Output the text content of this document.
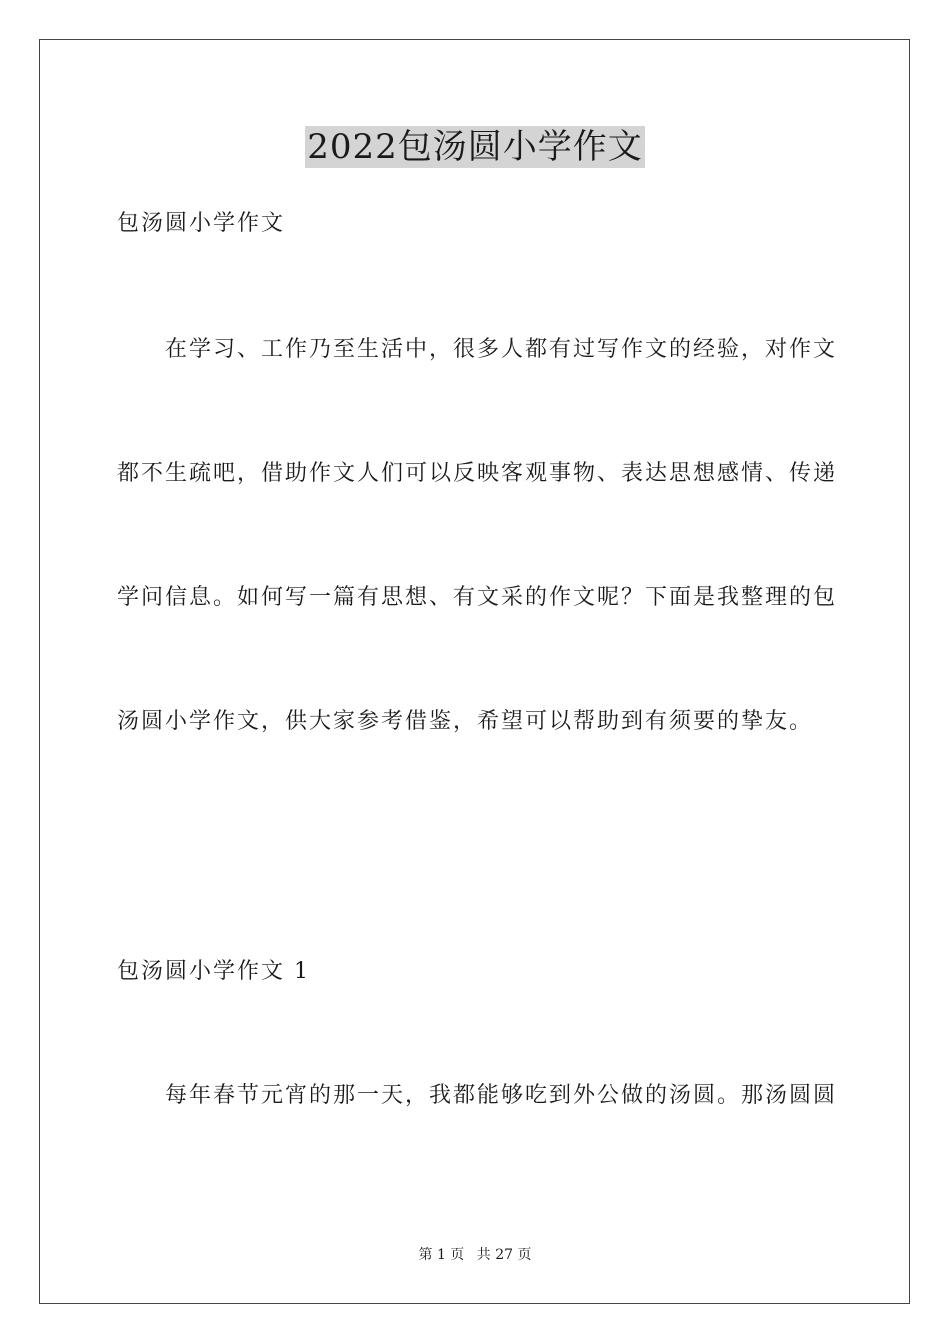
2022包汤圆小学作文
包汤圆小学作文
在学习、工作乃至生活中，很多人都有过写作文的经验，对作文
都不生疏吧，借助作文人们可以反映客观事物、表达思想感情、传递
学问信息。如何写一篇有思想、有文采的作文呢？下面是我整理的包
汤圆小学作文，供大家参考借鉴，希望可以帮助到有须要的挚友。
包汤圆小学作文 1
每年春节元宵的那一天，我都能够吃到外公做的汤圆。那汤圆圆
第 1 页 共 27 页
